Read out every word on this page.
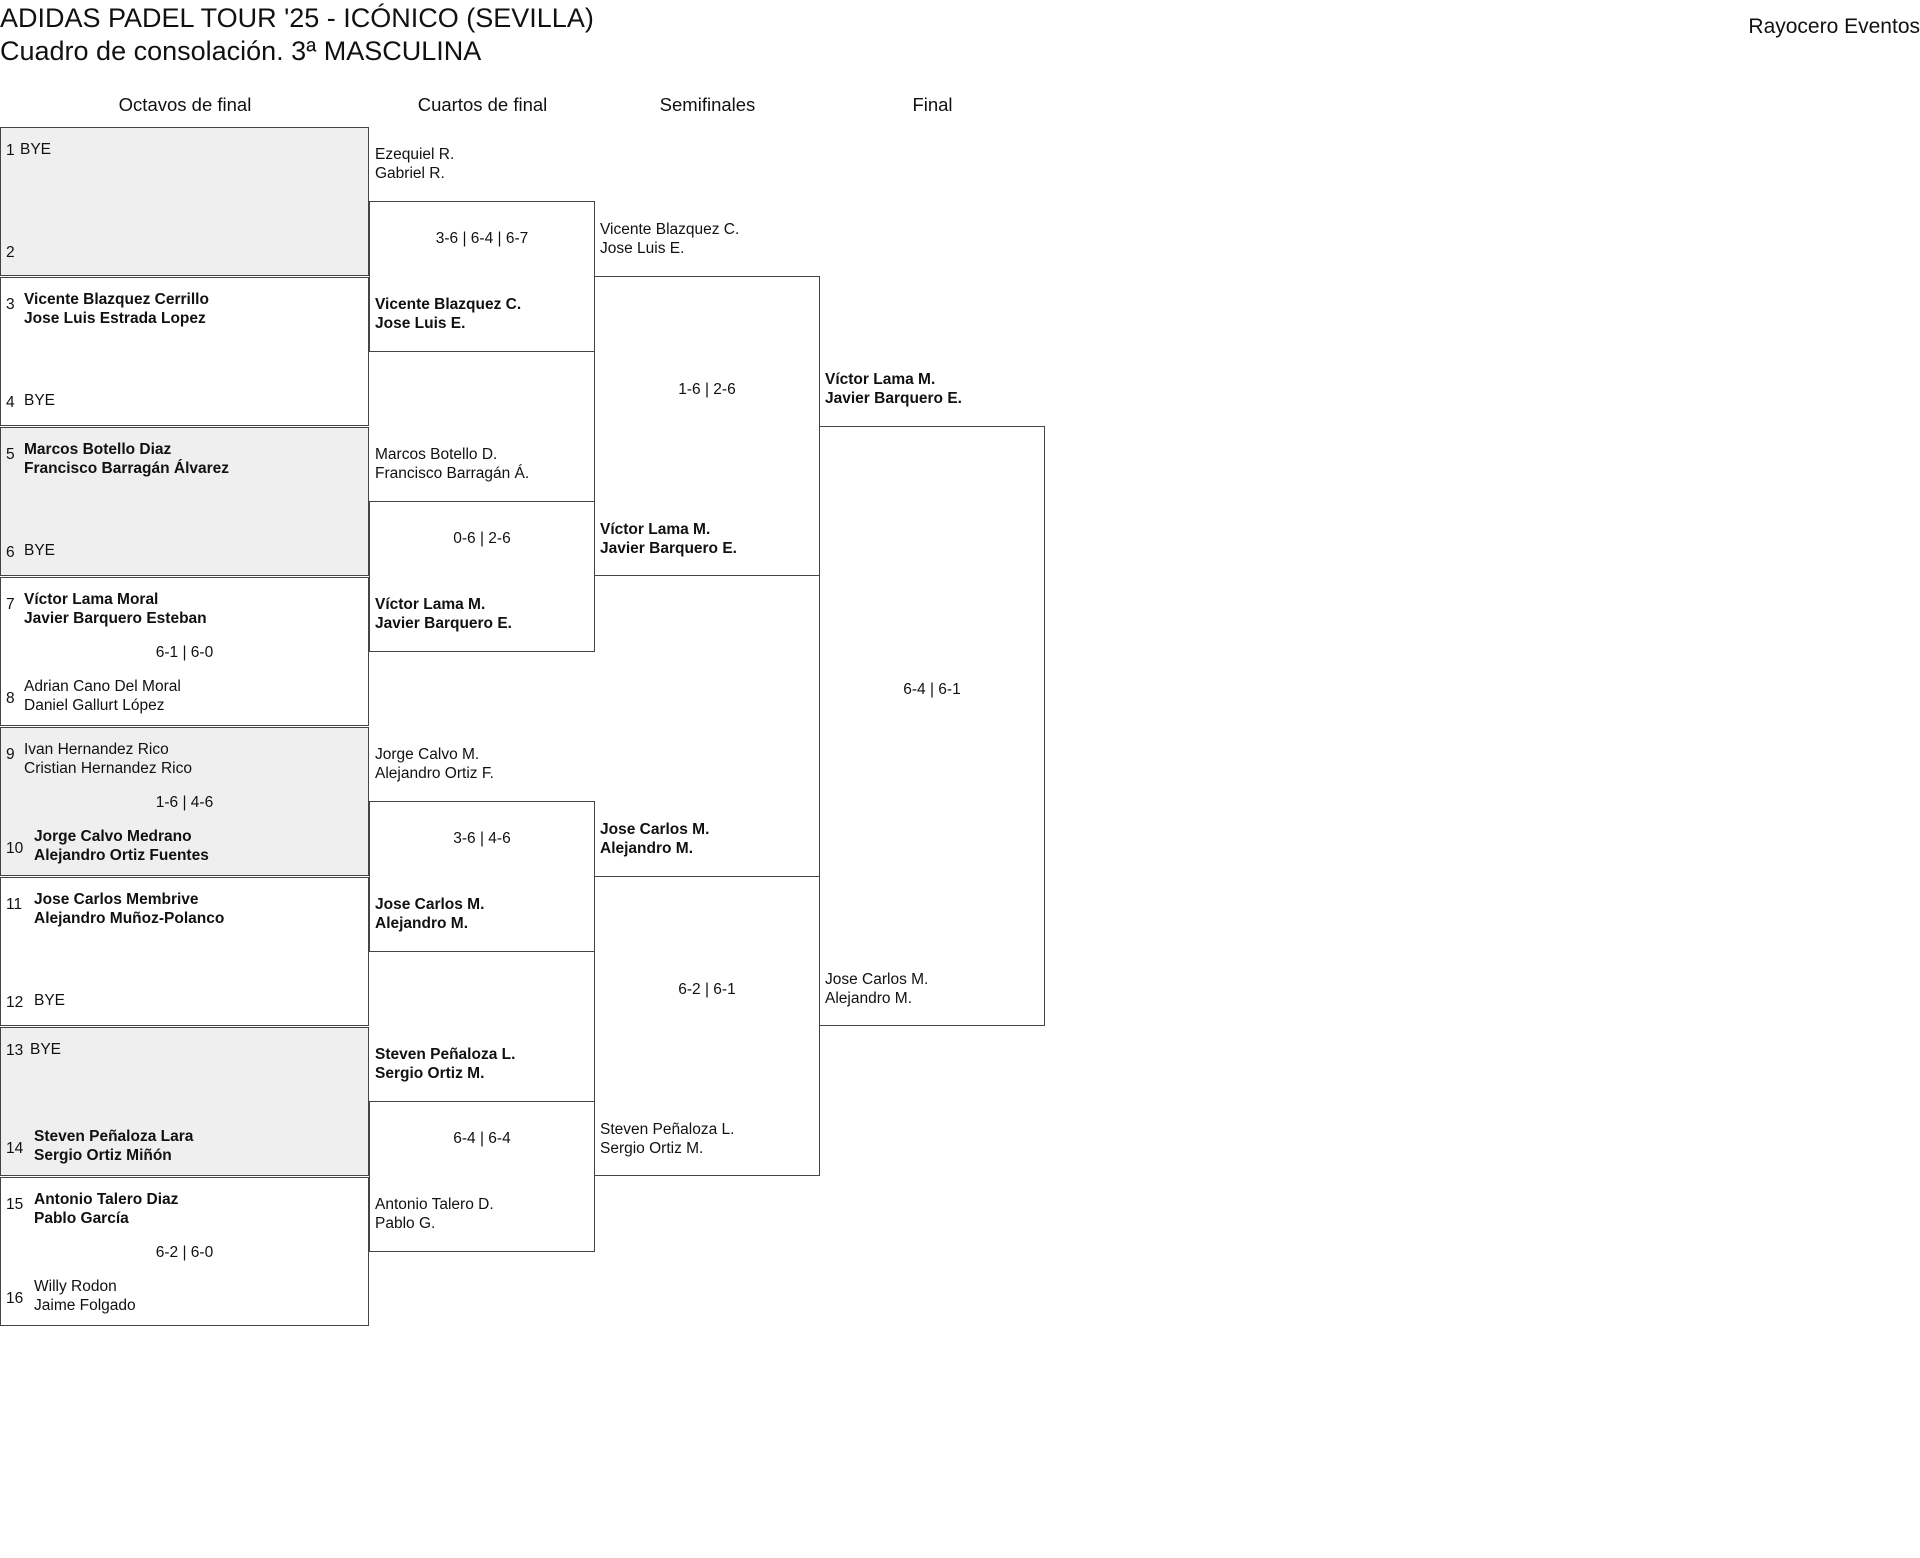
ADIDAS PADEL TOUR '25 - ICÓNICO (SEVILLA)
Cuadro de consolación. 3ª MASCULINA
Rayocero Eventos
Octavos de final	Cuartos de final	Semifinales	Final
1 BYE

2

3 Vicente Blazquez Cerrillo
Jose Luis Estrada Lopez
4 BYE

5 Marcos Botello Diaz
Francisco Barragán Álvarez
6 BYE

7 Víctor Lama Moral
Javier Barquero Esteban
8
Adrian Cano Del Moral
Daniel Gallurt López
6-1 | 6-0
9 Ivan Hernandez Rico
Cristian Hernandez Rico
10
Jorge Calvo Medrano
Alejandro Ortiz Fuentes
1-6 | 4-6
11 Jose Carlos Membrive
Alejandro Muñoz-Polanco
12 BYE

13 BYE

14
Steven Peñaloza Lara
Sergio Ortiz Miñón
15 Antonio Talero Diaz
Pablo García
16
Willy Rodon
Jaime Folgado
6-2 | 6-0
Ezequiel R.
Gabriel R.
3-6 | 6-4 | 6-7
Vicente Blazquez C.
Jose Luis E.
Marcos Botello D.
Francisco Barragán Á.
0-6 | 2-6
Víctor Lama M.
Javier Barquero E.
Jorge Calvo M.
Alejandro Ortiz F.
3-6 | 4-6
Jose Carlos M.
Alejandro M.
Steven Peñaloza L.
Sergio Ortiz M.
6-4 | 6-4
Antonio Talero D.
Pablo G.
Vicente Blazquez C.
Jose Luis E.
1-6 | 2-6
Víctor Lama M.
Javier Barquero E.
Jose Carlos M.
Alejandro M.
6-2 | 6-1
Steven Peñaloza L.
Sergio Ortiz M.
Víctor Lama M.
Javier Barquero E.
6-4 | 6-1
Jose Carlos M.
Alejandro M.
